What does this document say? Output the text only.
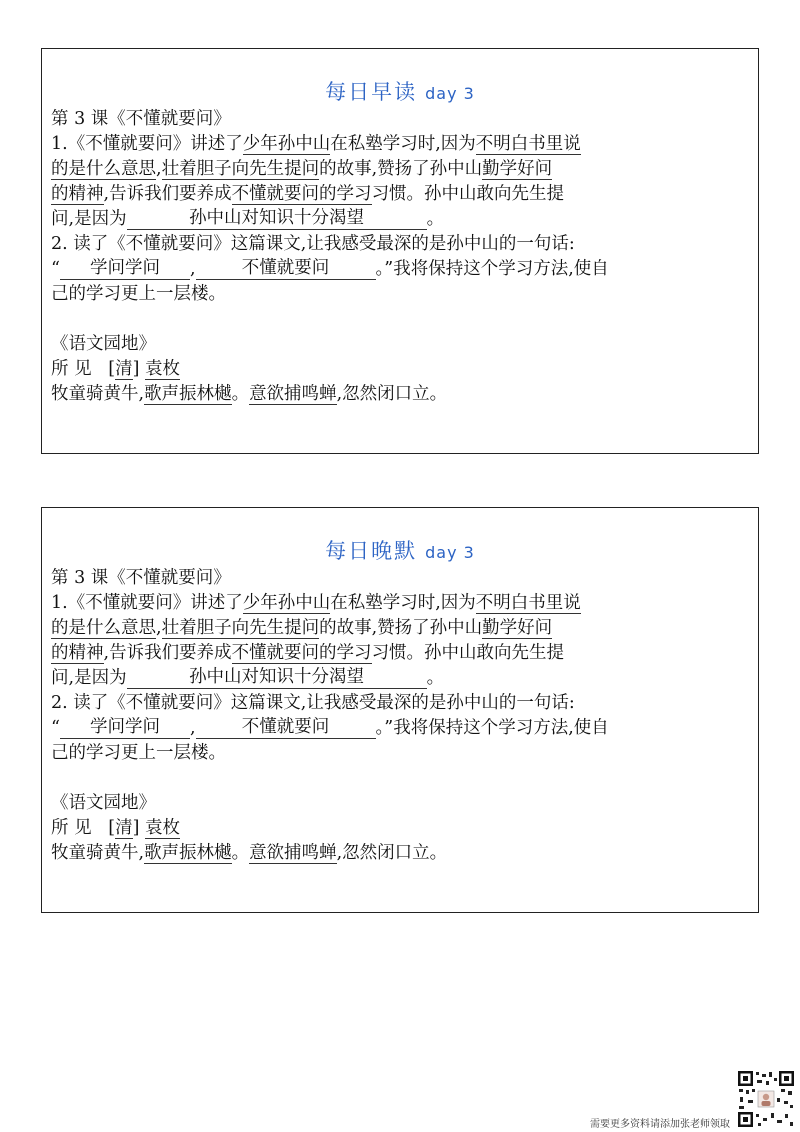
每日早读 day 3
第 3 课《不懂就要问》
1.《不懂就要问》讲述了少年孙中山在私塾学习时,因为不明白书里说
的是什么意思,壮着胆子向先生提问的故事,赞扬了孙中山勤学好问
的精神,告诉我们要养成不懂就要问的学习习惯。孙中山敢向先生提
问,是因为	孙中山对知识十分渴望	。
2. 读了《不懂就要问》这篇课文,让我感受最深的是孙中山的一句话:
“ 学问学问 ,	不懂就要问	。”我将保持这个学习方法,使自
己的学习更上一层楼。
《语文园地》
所 见 [清] 袁枚
牧童骑黄牛,歌声振林樾。意欲捕鸣蝉,忽然闭口立。
每日晚默 day 3
第 3 课《不懂就要问》
1.《不懂就要问》讲述了少年孙中山在私塾学习时,因为不明白书里说
的是什么意思,壮着胆子向先生提问的故事,赞扬了孙中山勤学好问
的精神,告诉我们要养成不懂就要问的学习习惯。孙中山敢向先生提
问,是因为	孙中山对知识十分渴望	。
2. 读了《不懂就要问》这篇课文,让我感受最深的是孙中山的一句话:
“ 学问学问 ,	不懂就要问	。”我将保持这个学习方法,使自
己的学习更上一层楼。
《语文园地》
所 见 [清] 袁枚
牧童骑黄牛,歌声振林樾。意欲捕鸣蝉,忽然闭口立。
需要更多资料请添加张老师领取
